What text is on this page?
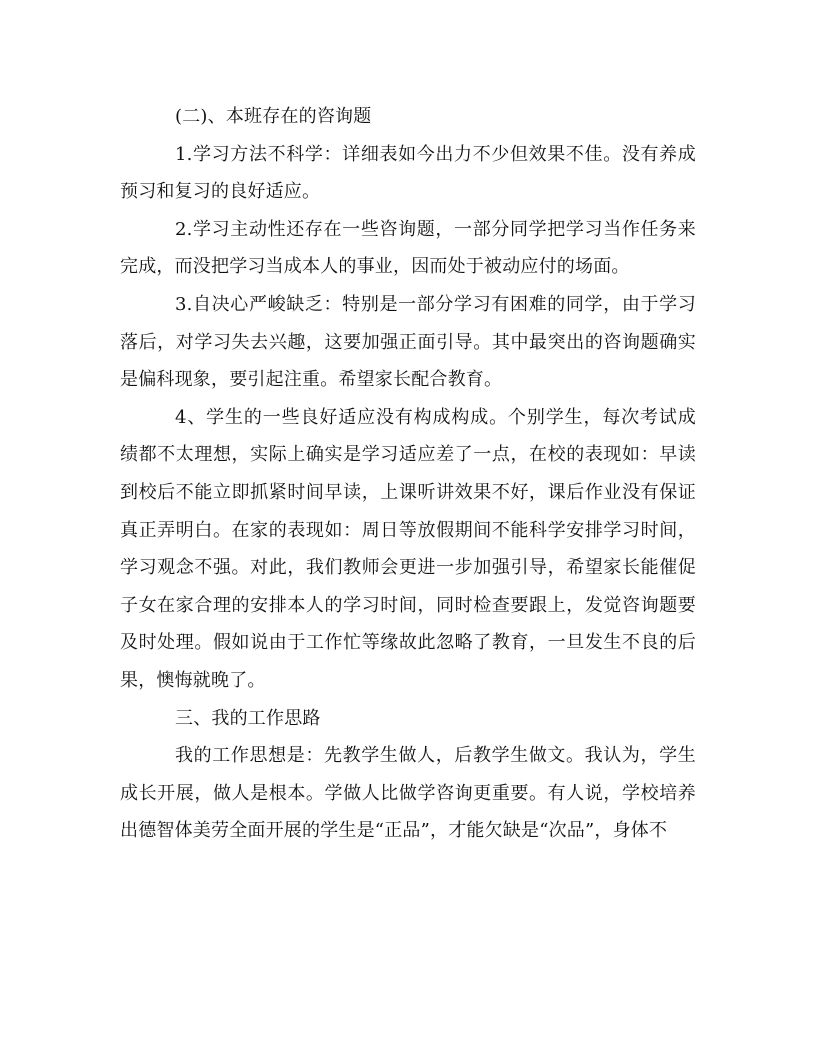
(二)、本班存在的咨询题

1.学习方法不科学：详细表如今出力不少但效果不佳。没有养成预习和复习的良好适应。

2.学习主动性还存在一些咨询题，一部分同学把学习当作任务来完成，而没把学习当成本人的事业，因而处于被动应付的场面。

3.自决心严峻缺乏：特别是一部分学习有困难的同学，由于学习落后，对学习失去兴趣，这要加强正面引导。其中最突出的咨询题确实是偏科现象，要引起注重。希望家长配合教育。

4、学生的一些良好适应没有构成构成。个别学生，每次考试成绩都不太理想，实际上确实是学习适应差了一点，在校的表现如：早读到校后不能立即抓紧时间早读，上课听讲效果不好，课后作业没有保证真正弄明白。在家的表现如：周日等放假期间不能科学安排学习时间，学习观念不强。对此，我们教师会更进一步加强引导，希望家长能催促子女在家合理的安排本人的学习时间，同时检查要跟上，发觉咨询题要及时处理。假如说由于工作忙等缘故此忽略了教育，一旦发生不良的后果，懊悔就晚了。

三、我的工作思路

我的工作思想是：先教学生做人，后教学生做文。我认为，学生成长开展，做人是根本。学做人比做学咨询更重要。有人说，学校培养出德智体美劳全面开展的学生是“正品”，才能欠缺是“次品”，身体不
